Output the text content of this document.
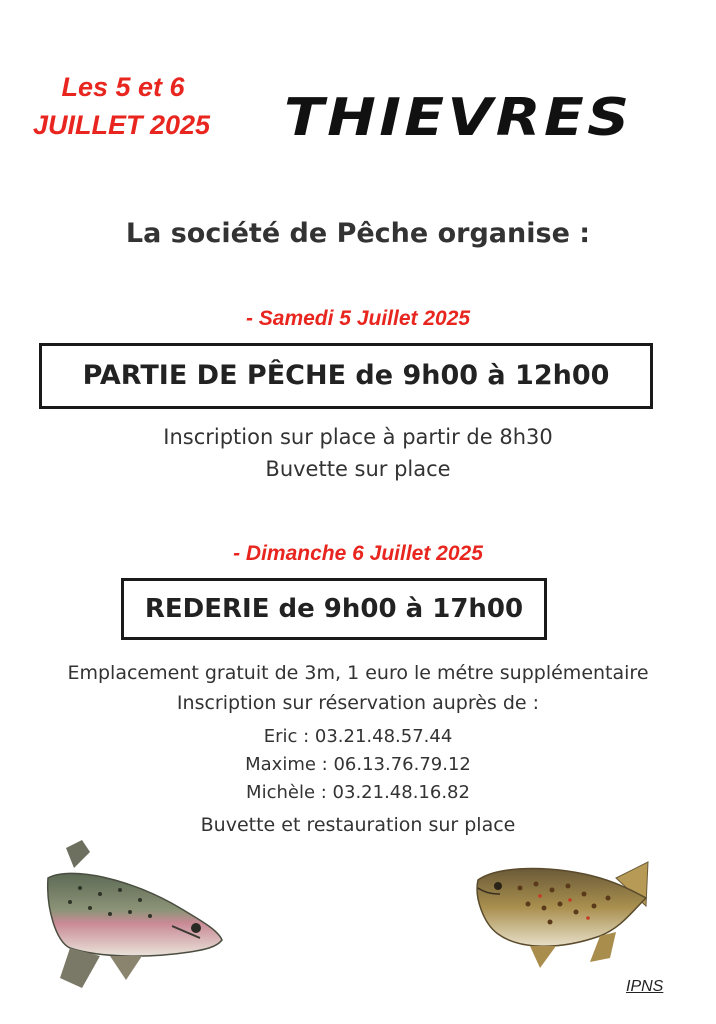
Les 5 et 6
JUILLET 2025	THIEVRES
La société de Pêche organise :
- Samedi 5 Juillet 2025
PARTIE DE PÊCHE de 9h00 à 12h00
Inscription sur place à partir de 8h30
Buvette sur place
- Dimanche 6 Juillet 2025
REDERIE de 9h00 à 17h00
Emplacement gratuit de 3m, 1 euro le métre supplémentaire
Inscription sur réservation auprès de :
Eric : 03.21.48.57.44
Maxime : 06.13.76.79.12
Michèle : 03.21.48.16.82
Buvette et restauration sur place
IPNS
